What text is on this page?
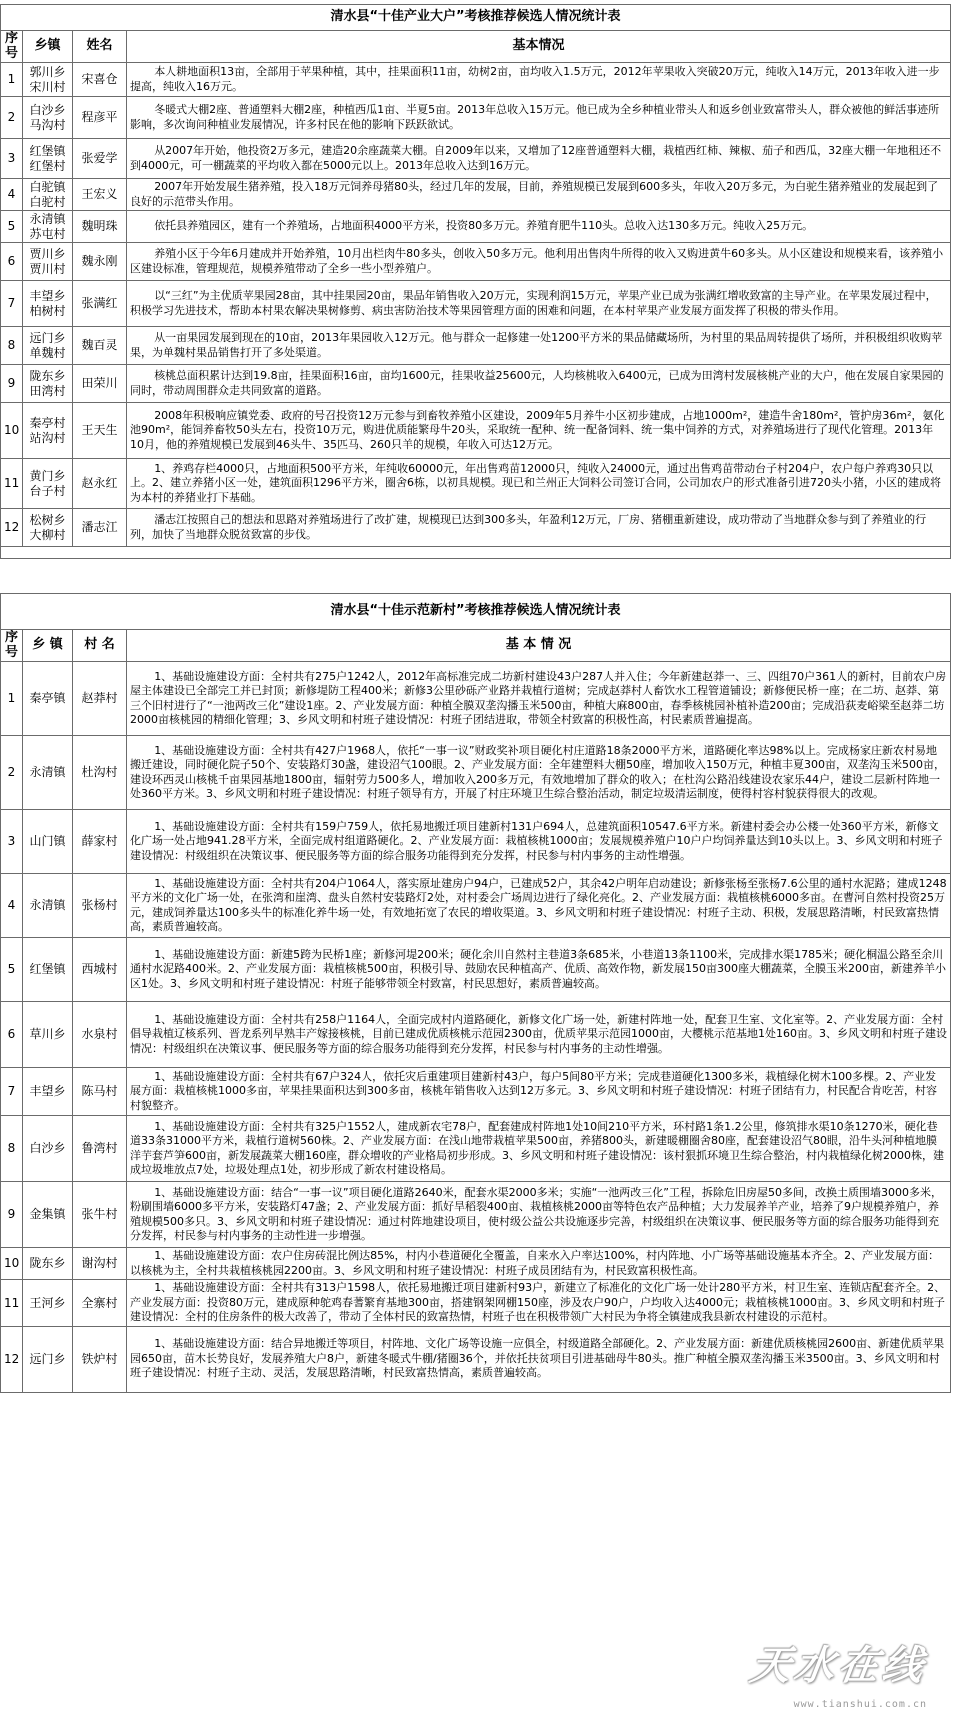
清水县“十佳产业大户”考核推荐候选人情况统计表			
序号	乡镇	姓名	基本情况
1	郭川乡宋川村	宋喜仓	本人耕地面积13亩，全部用于苹果种植，其中，挂果面积11亩，幼树2亩，亩均收入1.5万元，2012年苹果收入突破20万元，纯收入14万元，2013年收入进一步提高，纯收入16万元。
2	白沙乡马沟村	程彦平	冬暖式大棚2座、普通塑料大棚2座，种植西瓜1亩、半夏5亩。2013年总收入15万元。他已成为全乡种植业带头人和返乡创业致富带头人，群众被他的鲜活事迹所影响，多次询问种植业发展情况，许多村民在他的影响下跃跃欲试。
3	红堡镇红堡村	张爱学	从2007年开始，他投资2万多元，建造20余座蔬菜大棚。自2009年以来，又增加了12座普通塑料大棚，栽植西红柿、辣椒、茄子和西瓜，32座大棚一年地租还不到4000元，可一棚蔬菜的平均收入都在5000元以上。2013年总收入达到16万元。
4	白驼镇白驼村	王宏义	2007年开始发展生猪养殖，投入18万元饲养母猪80头，经过几年的发展，目前，养殖规模已发展到600多头，年收入20万多元，为白驼生猪养殖业的发展起到了良好的示范带头作用。
5	永清镇苏屯村	魏明珠	依托县养殖园区，建有一个养殖场，占地面积4000平方米，投资80多万元。养殖育肥牛110头。总收入达130多万元。纯收入25万元。
6	贾川乡贾川村	魏永刚	养殖小区于今年6月建成并开始养殖，10月出栏肉牛80多头，创收入50多万元。他利用出售肉牛所得的收入又购进黄牛60多头。从小区建设和规模来看，该养殖小区建设标准，管理规范，规模养殖带动了全乡一些小型养殖户。
7	丰望乡柏树村	张满红	以“三红”为主优质苹果园28亩，其中挂果园20亩，果品年销售收入20万元，实现利润15万元，苹果产业已成为张满红增收致富的主导产业。在苹果发展过程中，积极学习先进技术，帮助本村果农解决果树修剪、病虫害防治技术等果园管理方面的困难和问题，在本村苹果产业发展方面发挥了积极的带头作用。
8	远门乡单魏村	魏百灵	从一亩果园发展到现在的10亩，2013年果园收入12万元。他与群众一起修建一处1200平方米的果品储藏场所，为村里的果品周转提供了场所，并积极组织收购苹果，为单魏村果品销售打开了多处渠道。
9	陇东乡田湾村	田荣川	核桃总面积累计达到19.8亩，挂果面积16亩，亩均1600元，挂果收益25600元，人均核桃收入6400元，已成为田湾村发展核桃产业的大户，他在发展自家果园的同时，带动周围群众走共同致富的道路。
10	秦亭村站沟村	王天生	2008年积极响应镇党委、政府的号召投资12万元参与到畜牧养殖小区建设，2009年5月养牛小区初步建成，占地1000m²，建造牛舍180m²，管护房36m²，氨化池90m²，能饲养畜牧50头左右，投资10万元，购进优质能繁母牛20头，采取统一配种、统一配备饲料、统一集中饲养的方式，对养殖场进行了现代化管理。2013年10月，他的养殖规模已发展到46头牛、35匹马、260只羊的规模，年收入可达12万元。
11	黄门乡台子村	赵永红	1、养鸡存栏4000只，占地面积500平方米，年纯收60000元，年出售鸡苗12000只，纯收入24000元，通过出售鸡苗带动台子村204户，农户每户养鸡30只以上。2、建立养猪小区一处，建筑面积1296平方米，圈舍6栋，以初具规模。现已和兰州正大饲料公司签订合同，公司加农户的形式准备引进720头小猪，小区的建成将为本村的养猪业打下基础。
12	松树乡大柳村	潘志江	潘志江按照自己的想法和思路对养殖场进行了改扩建，规模现已达到300多头，年盈利12万元，厂房、猪棚重新建设，成功带动了当地群众参与到了养殖业的行列，加快了当地群众脱贫致富的步伐。

清水县“十佳示范新村”考核推荐候选人情况统计表			
序号	乡 镇	村 名	基 本 情 况
1	秦亭镇	赵莽村	1、基础设施建设方面：全村共有275户1242人，2012年高标准完成二坊新村建设43户287人并入住；今年新建赵莽一、三、四组70户361人的新村，目前农户房屋主体建设已全部完工并已封顶；新修堤防工程400米；新修3公里砂砾产业路并栽植行道树；完成赵莽村人畜饮水工程管道铺设；新修便民桥一座；在二坊、赵莽、第三个旧村进行了“一池两改三化”建设1座。2、产业发展方面：种植全膜双垄沟播玉米500亩，种植大麻800亩，春季核桃园补植补造200亩；完成沿荻麦峪梁至赵莽二坊2000亩核桃园的精细化管理；3、乡风文明和村班子建设情况：村班子团结进取，带领全村致富的积极性高，村民素质普遍提高。
2	永清镇	杜沟村	1、基础设施建设方面：全村共有427户1968人，依托“一事一议”财政奖补项目硬化村庄道路18条2000平方米，道路硬化率达98%以上。完成杨家庄新农村易地搬迁建设，同时硬化院子50个、安装路灯30盏，建设沼气100眼。2、产业发展方面：全年建塑料大棚50座，增加收入150万元，种植丰夏300亩，双垄沟玉米500亩，建设环西灵山核桃千亩果园基地1800亩，辐射劳力500多人，增加收入200多万元，有效地增加了群众的收入；在杜沟公路沿线建设农家乐44户，建设二层新村阵地一处360平方米。3、乡风文明和村班子建设情况：村班子领导有方，开展了村庄环境卫生综合整治活动，制定垃圾清运制度，使得村容村貌获得很大的改观。
3	山门镇	薛家村	1、基础设施建设方面：全村共有159户759人，依托易地搬迁项目建新村131户694人，总建筑面积10547.6平方米。新建村委会办公楼一处360平方米，新修文化广场一处占地941.28平方米，全面完成村组道路硬化。2、产业发展方面：栽植核桃1000亩；发展规模养殖户10户户均饲养量达到10头以上。3、乡风文明和村班子建设情况：村级组织在决策议事、便民服务等方面的综合服务功能得到充分发挥，村民参与村内事务的主动性增强。
4	永清镇	张杨村	1、基础设施建设方面：全村共有204户1064人，落实原址建房户94户，已建成52户，其余42户明年启动建设；新修张杨至张杨7.6公里的通村水泥路；建成1248平方米的文化广场一处，在张湾和崖湾、盘头自然村安装路灯2处，对村委会广场周边进行了绿化亮化。2、产业发展方面：栽植核桃6000多亩。在曹河自然村投资25万元，建成饲养量达100多头牛的标准化养牛场一处，有效地拓宽了农民的增收渠道。3、乡风文明和村班子建设情况：村班子主动、积极，发展思路清晰，村民致富热情高，素质普遍较高。
5	红堡镇	西城村	1、基础设施建设方面：新建5跨为民桥1座；新修河堤200米；硬化余川自然村主巷道3条685米，小巷道13条1100米，完成排水渠1785米；硬化桐温公路至余川通村水泥路400米。2、产业发展方面：栽植核桃500亩，积极引导、鼓励农民种植高产、优质、高效作物，新发展150亩300座大棚蔬菜，全膜玉米200亩，新建养羊小区1处。3、乡风文明和村班子建设情况：村班子能够带领全村致富，村民思想好，素质普遍较高。
6	草川乡	水泉村	1、基础设施建设方面：全村共有258户1164人，全面完成村内道路硬化，新修文化广场一处，新建村阵地一处，配套卫生室、文化室等。2、产业发展方面：全村倡导栽植辽核系列、晋龙系列早熟丰产嫁接核桃，目前已建成优质核桃示范园2300亩，优质苹果示范园1000亩，大樱桃示范基地1处160亩。3、乡风文明和村班子建设情况：村级组织在决策议事、便民服务等方面的综合服务功能得到充分发挥，村民参与村内事务的主动性增强。
7	丰望乡	陈马村	1、基础设施建设方面：全村共有67户324人，依托灾后重建项目建新村43户，每户5间80平方米；完成巷道硬化1300多米，栽植绿化树木100多棵。2、产业发展方面：栽植核桃1000多亩，苹果挂果面积达到300多亩，核桃年销售收入达到12万多元。3、乡风文明和村班子建设情况：村班子团结有力，村民配合肯吃苦，村容村貌整齐。
8	白沙乡	鲁湾村	1、基础设施建设方面：全村共有325户1552人，建成新农宅78户，配套建成村阵地1处10间210平方米，环村路1条1.2公里，修筑排水渠10条1270米，硬化巷道33条31000平方米，栽植行道树560株。2、产业发展方面：在浅山地带栽植苹果500亩，养猪800头，新建暖棚圈舍80座，配套建设沼气80眼，沿牛头河种植地膜洋芋套芦笋600亩，新发展蔬菜大棚160座，群众增收的产业格局初步形成。3、乡风文明和村班子建设情况：该村狠抓环境卫生综合整治，村内栽植绿化树2000株，建成垃圾堆放点7处，垃圾处理点1处，初步形成了新农村建设格局。
9	金集镇	张牛村	1、基础设施建设方面：结合“一事一议”项目硬化道路2640米，配套水渠2000多米；实施“一池两改三化”工程，拆除危旧房屋50多间，改换土质围墙3000多米，粉刷围墙6000多平方米，安装路灯47盏；2、产业发展方面：抓好旱稻裂400亩、栽植核桃2000亩等特色农产品种植；大力发展养羊产业，培养了9户规模养殖户，养殖规模500多只。3、乡风文明和村班子建设情况：通过村阵地建设项目，使村级公益公共设施逐步完善，村级组织在决策议事、便民服务等方面的综合服务功能得到充分发挥，村民参与村内事务的主动性进一步增强。
10	陇东乡	谢沟村	1、基础设施建设方面：农户住房砖混比例达85%，村内小巷道硬化全覆盖，自来水入户率达100%，村内阵地、小广场等基础设施基本齐全。2、产业发展方面：以核桃为主，全村共栽植核桃园2200亩。3、乡风文明和村班子建设情况：村班子成员团结有为，村民致富积极性高。
11	王河乡	全寨村	1、基础设施建设方面：全村共有313户1598人，依托易地搬迁项目建新村93户，新建立了标准化的文化广场一处计280平方米，村卫生室、连锁店配套齐全。2、产业发展方面：投资80万元，建成原种鸵鸡春蓍繁育基地300亩，搭建钢架网棚150座，涉及农户90户，户均收入达4000元；栽植核桃1000亩。3、乡风文明和村班子建设情况：全村的住房条件的极大改善了，带动了全体村民的致富热情，村班子也在积极带领广大村民为争将全镇建成我县新农村建设的示范村。
12	远门乡	铁炉村	1、基础设施建设方面：结合异地搬迁等项目，村阵地、文化广场等设施一应俱全，村级道路全部硬化。2、产业发展方面：新建优质核桃园2600亩、新建优质苹果园650亩，苗木长势良好，发展养殖大户8户，新建冬暖式牛棚/猪圈36个，并依托扶贫项目引进基础母牛80头。推广种植全膜双垄沟播玉米3500亩。3、乡风文明和村班子建设情况：村班子主动、灵活，发展思路清晰，村民致富热情高，素质普遍较高。
天水在线
www.tianshui.com.cn
